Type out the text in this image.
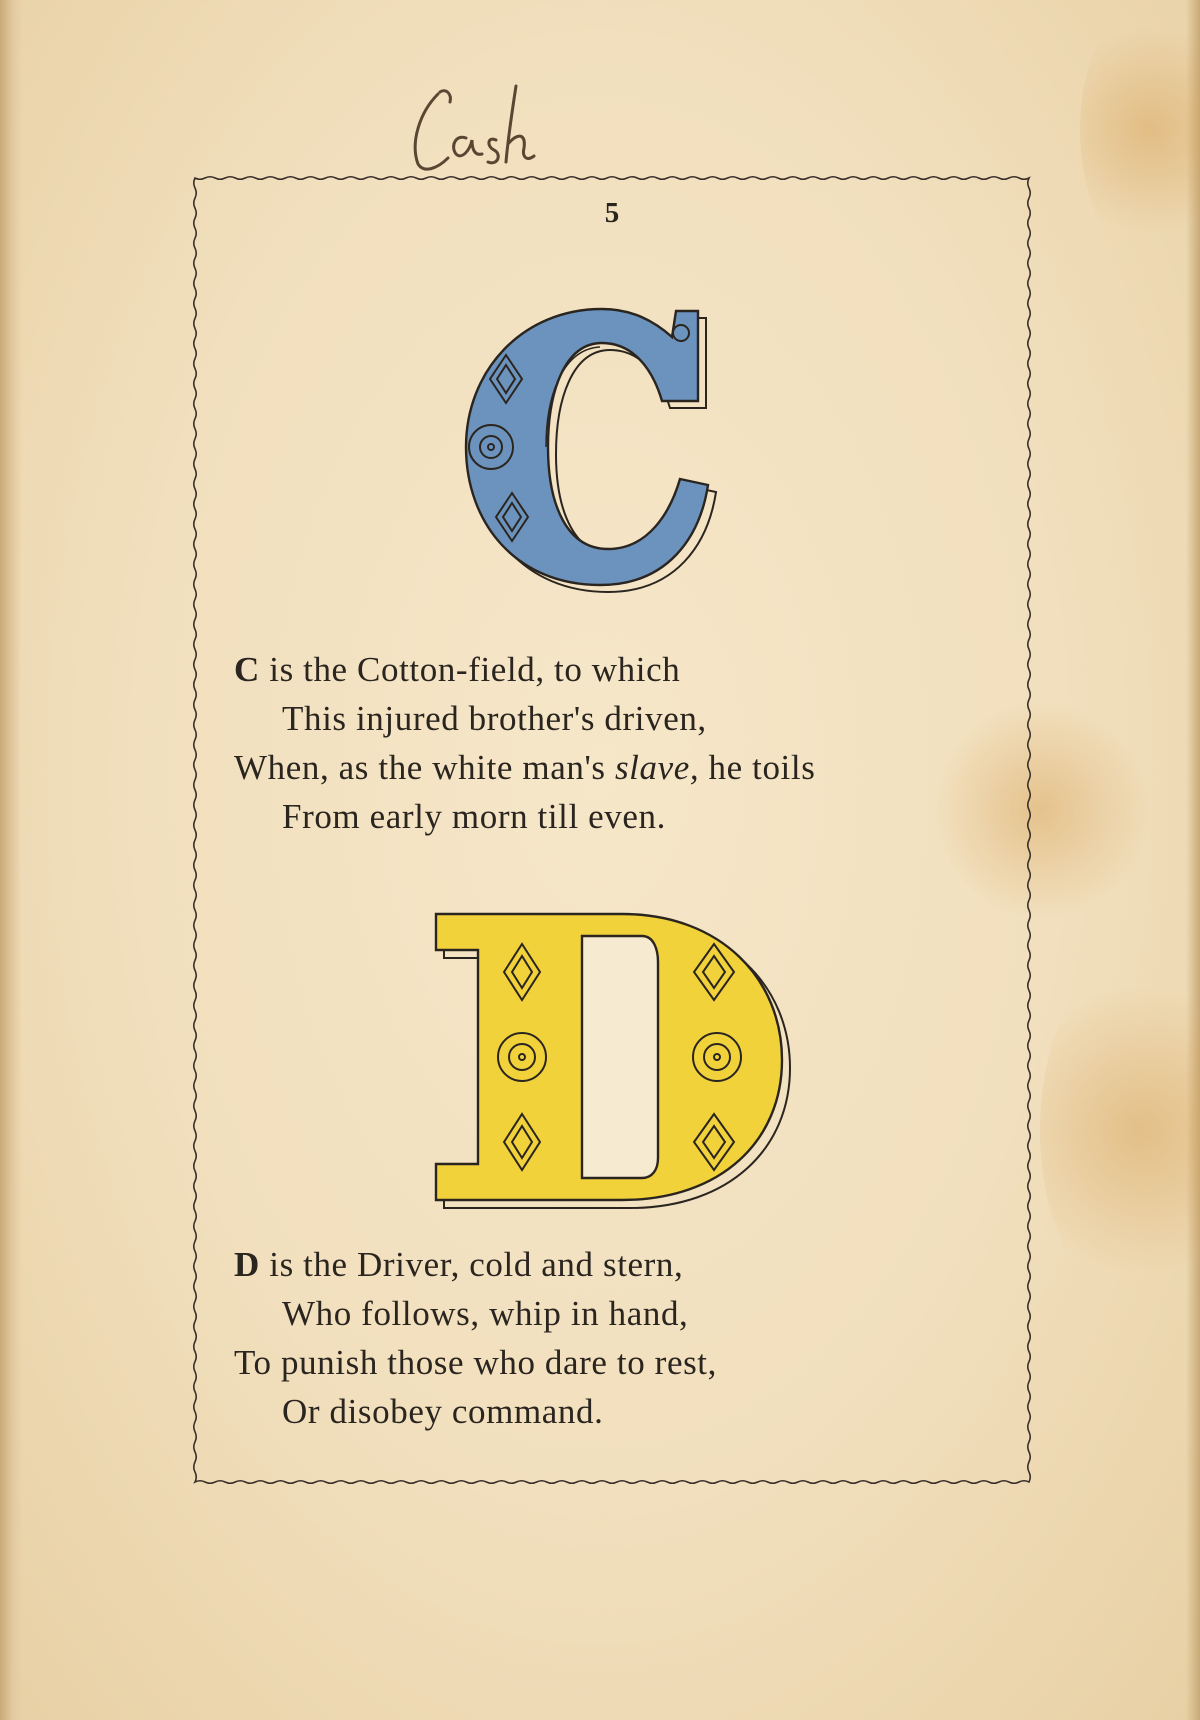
5
C is the Cotton-field, to which
This injured brother's driven,
When, as the white man's slave, he toils
From early morn till even.
D is the Driver, cold and stern,
Who follows, whip in hand,
To punish those who dare to rest,
Or disobey command.
